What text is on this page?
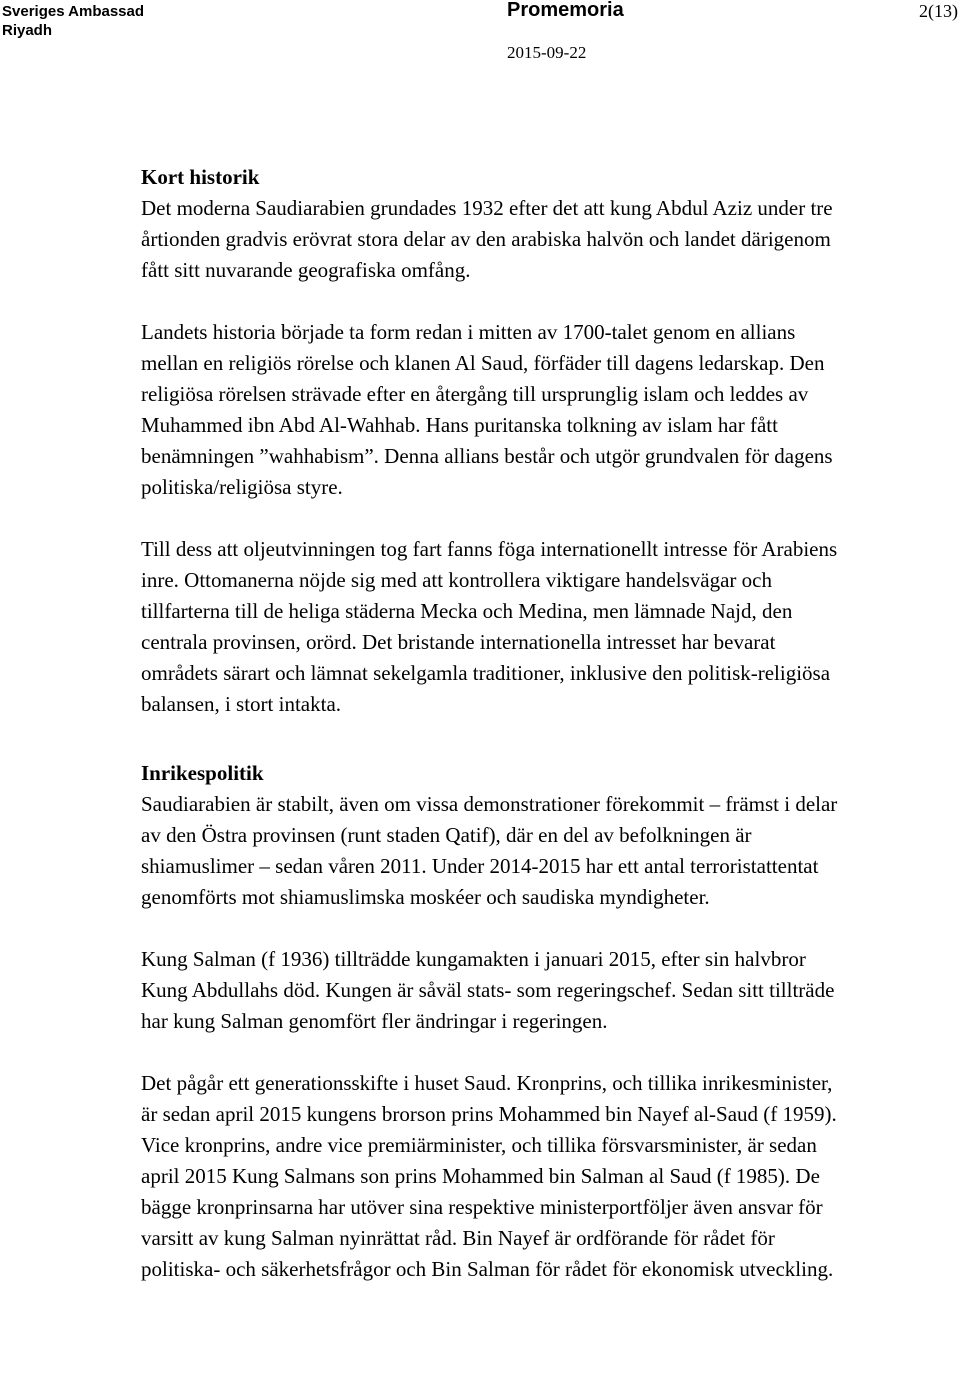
Sveriges Ambassad
Riyadh
Promemoria
2015-09-22
2(13)
Kort historik

Det moderna Saudiarabien grundades 1932 efter det att kung Abdul Aziz under tre årtionden gradvis erövrat stora delar av den arabiska halvön och landet därigenom fått sitt nuvarande geografiska omfång.

Landets historia började ta form redan i mitten av 1700-talet genom en allians mellan en religiös rörelse och klanen Al Saud, förfäder till dagens ledarskap. Den religiösa rörelsen strävade efter en återgång till ursprunglig islam och leddes av Muhammed ibn Abd Al-Wahhab. Hans puritanska tolkning av islam har fått benämningen ”wahhabism”. Denna allians består och utgör grundvalen för dagens politiska/religiösa styre.

Till dess att oljeutvinningen tog fart fanns föga internationellt intresse för Arabiens inre. Ottomanerna nöjde sig med att kontrollera viktigare handelsvägar och tillfarterna till de heliga städerna Mecka och Medina, men lämnade Najd, den centrala provinsen, orörd. Det bristande internationella intresset har bevarat områdets särart och lämnat sekelgamla traditioner, inklusive den politisk-religiösa balansen, i stort intakta.

Inrikespolitik

Saudiarabien är stabilt, även om vissa demonstrationer förekommit – främst i delar av den Östra provinsen (runt staden Qatif), där en del av befolkningen är shiamuslimer – sedan våren 2011. Under 2014-2015 har ett antal terroristattentat genomförts mot shiamuslimska moskéer och saudiska myndigheter.

Kung Salman (f 1936) tillträdde kungamakten i januari 2015, efter sin halvbror Kung Abdullahs död. Kungen är såväl stats- som regeringschef. Sedan sitt tillträde har kung Salman genomfört fler ändringar i regeringen.

Det pågår ett generationsskifte i huset Saud. Kronprins, och tillika inrikesminister, är sedan april 2015 kungens brorson prins Mohammed bin Nayef al-Saud (f 1959). Vice kronprins, andre vice premiärminister, och tillika försvarsminister, är sedan april 2015 Kung Salmans son prins Mohammed bin Salman al Saud (f 1985). De bägge kronprinsarna har utöver sina respektive ministerportföljer även ansvar för varsitt av kung Salman nyinrättat råd. Bin Nayef är ordförande för rådet för politiska- och säkerhetsfrågor och Bin Salman för rådet för ekonomisk utveckling.
